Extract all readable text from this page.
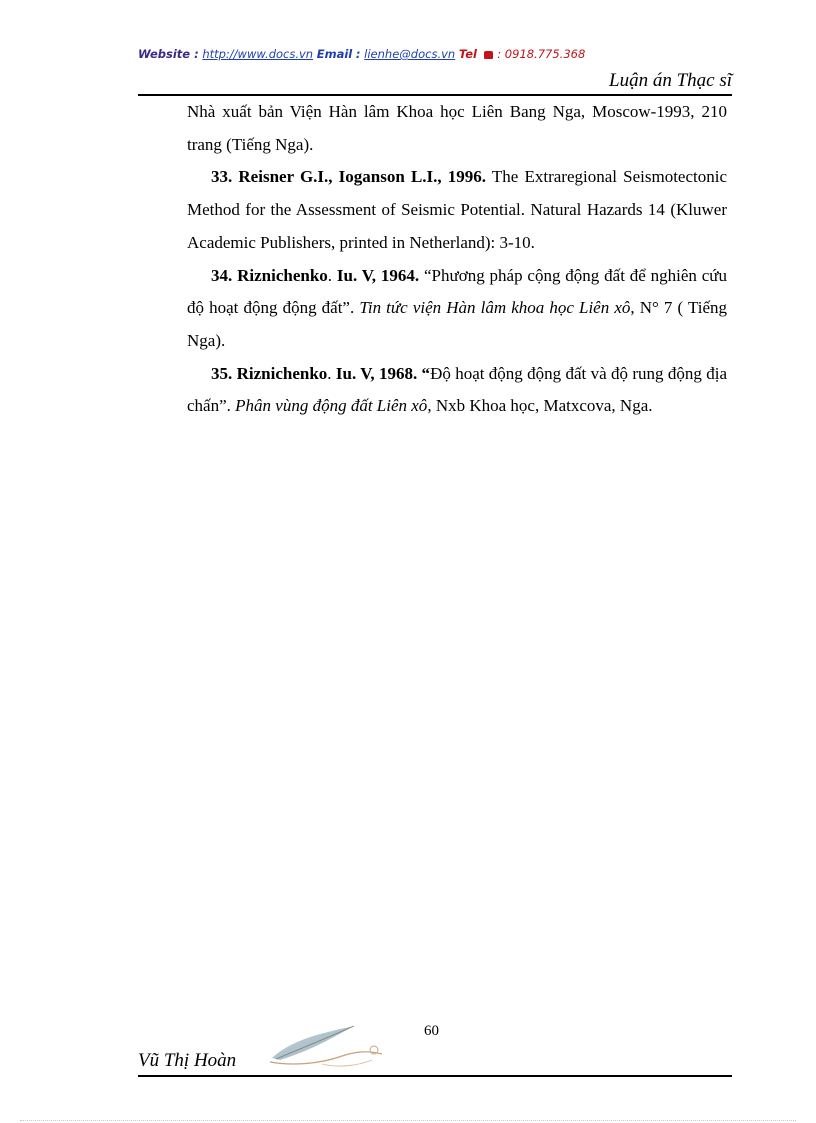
Website : http://www.docs.vn Email : lienhe@docs.vn Tel : 0918.775.368
Luận án Thạc sĩ

Nhà xuất bản Viện Hàn lâm Khoa học Liên Bang Nga, Moscow-1993, 210 trang (Tiếng Nga).

33. Reisner G.I., Ioganson L.I., 1996. The Extraregional Seismotectonic Method for the Assessment of Seismic Potential. Natural Hazards 14 (Kluwer Academic Publishers, printed in Netherland): 3-10.

34. Riznichenko. Iu. V, 1964. “Phương pháp cộng động đất để nghiên cứu độ hoạt động động đất”. Tin tức viện Hàn lâm khoa học Liên xô, N° 7 ( Tiếng Nga).

35. Riznichenko. Iu. V, 1968. “Độ hoạt động động đất và độ rung động địa chấn”. Phân vùng động đất Liên xô, Nxb Khoa học, Matxcova, Nga.

60
Vũ Thị Hoàn
